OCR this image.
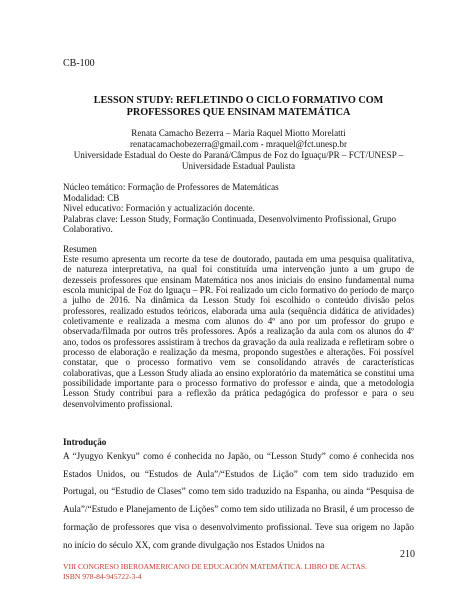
CB-100
LESSON STUDY: REFLETINDO O CICLO FORMATIVO COM PROFESSORES QUE ENSINAM MATEMÁTICA

Renata Camacho Bezerra – Maria Raquel Miotto Morelatti

renatacamachobezerra@gmail.com - mraquel@fct.unesp.br

Universidade Estadual do Oeste do Paraná/Câmpus de Foz do Iguaçu/PR – FCT/UNESP – Universidade Estadual Paulista

Núcleo temático: Formação de Professores de Matemáticas

Modalidad: CB

Nivel educativo: Formación y actualización docente.

Palabras clave: Lesson Study, Formação Continuada, Desenvolvimento Profissional, Grupo Colaborativo.

Resumen
Este resumo apresenta um recorte da tese de doutorado, pautada em uma pesquisa qualitativa, de natureza interpretativa, na qual foi constituída uma intervenção junto a um grupo de dezesseis professores que ensinam Matemática nos anos iniciais do ensino fundamental numa escola municipal de Foz do Iguaçu – PR. Foi realizado um ciclo formativo do período de março a julho de 2016. Na dinâmica da Lesson Study foi escolhido o conteúdo divisão pelos professores, realizado estudos teóricos, elaborada uma aula (sequência didática de atividades) coletivamente e realizada a mesma com alunos do 4º ano por um professor do grupo e observada/filmada por outros três professores. Após a realização da aula com os alunos do 4º ano, todos os professores assistiram à trechos da gravação da aula realizada e refletiram sobre o processo de elaboração e realização da mesma, propondo sugestões e alterações. Foi possível constatar, que o processo formativo vem se consolidando através de características colaborativas, que a Lesson Study aliada ao ensino exploratório da matemática se constitui uma possibilidade importante para o processo formativo do professor e ainda, que a metodologia Lesson Study contribui para a reflexão da prática pedagógica do professor e para o seu desenvolvimento profissional.
Introdução
A “Jyugyo Kenkyu” como é conhecida no Japão, ou “Lesson Study” como é conhecida nos Estados Unidos, ou “Estudos de Aula”/“Estudos de Lição” com tem sido traduzido em Portugal, ou “Estudio de Clases” como tem sido traduzido na Espanha, ou ainda “Pesquisa de Aula”/“Estudo e Planejamento de Lições” como tem sido utilizada no Brasil, é um processo de formação de professores que visa o desenvolvimento profissional. Teve sua origem no Japão no início do século XX, com grande divulgação nos Estados Unidos na
210
VIII CONGRESO IBEROAMERICANO DE EDUCACIÓN MATEMÁTICA. LIBRO DE ACTAS.
ISBN 978-84-945722-3-4
